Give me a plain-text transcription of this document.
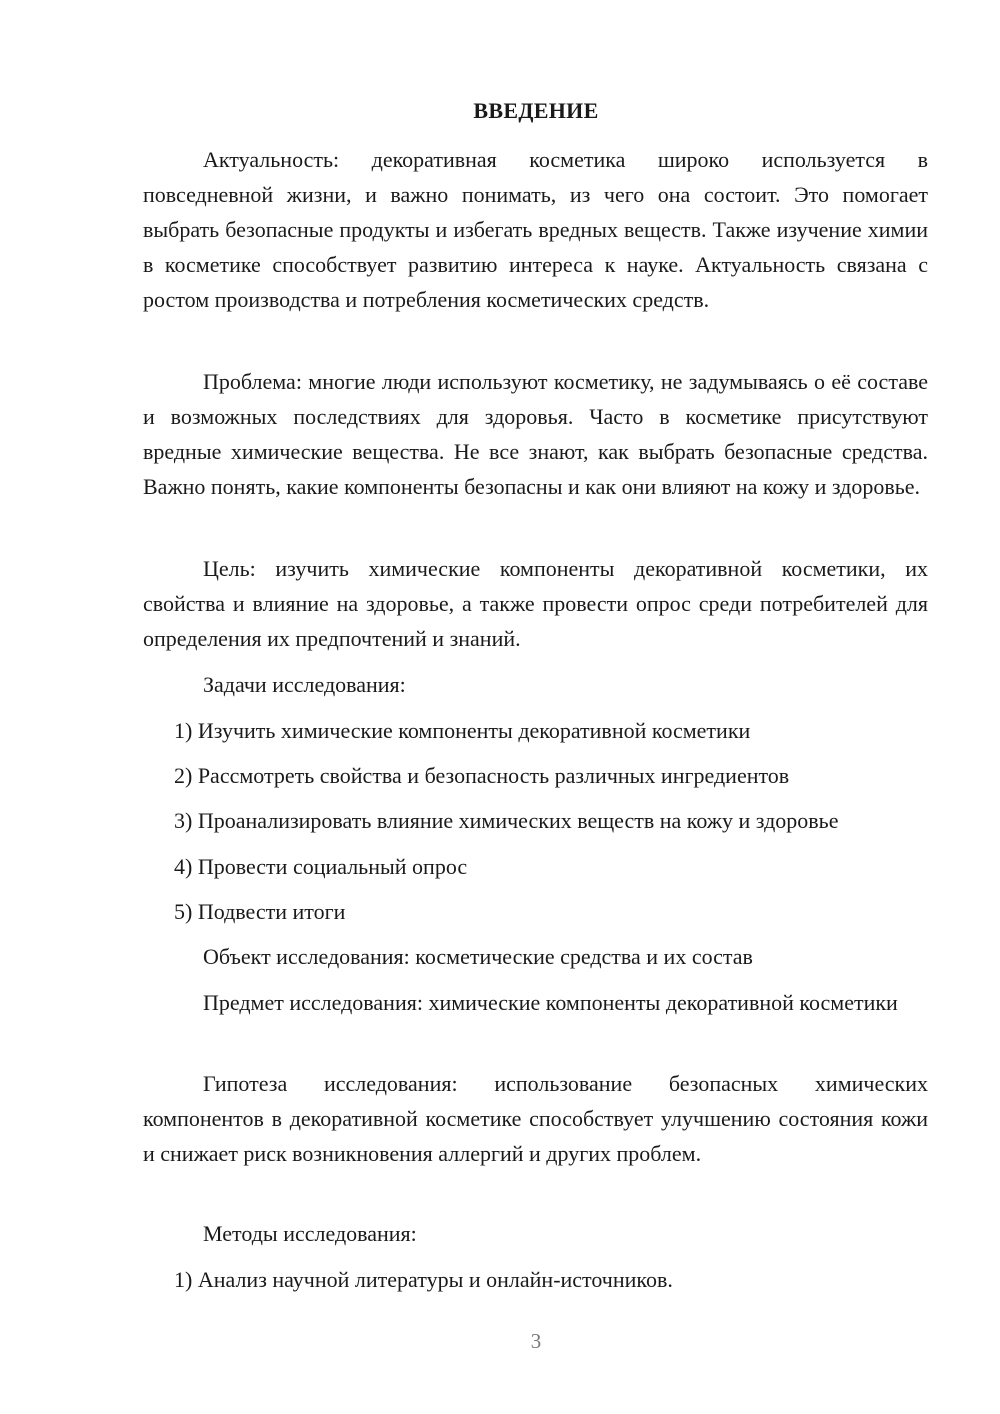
ВВЕДЕНИЕ
Актуальность: декоративная косметика широко используется в повседневной жизни, и важно понимать, из чего она состоит. Это помогает выбрать безопасные продукты и избегать вредных веществ. Также изучение химии в косметике способствует развитию интереса к науке. Актуальность связана с ростом производства и потребления косметических средств.
Проблема: многие люди используют косметику, не задумываясь о её составе и возможных последствиях для здоровья. Часто в косметике присутствуют вредные химические вещества. Не все знают, как выбрать безопасные средства. Важно понять, какие компоненты безопасны и как они влияют на кожу и здоровье.
Цель: изучить химические компоненты декоративной косметики, их свойства и влияние на здоровье, а также провести опрос среди потребителей для определения их предпочтений и знаний.
Задачи исследования:
1) Изучить химические компоненты декоративной косметики
2) Рассмотреть свойства и безопасность различных ингредиентов
3) Проанализировать влияние химических веществ на кожу и здоровье
4) Провести социальный опрос
5) Подвести итоги
Объект исследования: косметические средства и их состав
Предмет исследования: химические компоненты декоративной косметики
Гипотеза исследования: использование безопасных химических компонентов в декоративной косметике способствует улучшению состояния кожи и снижает риск возникновения аллергий и других проблем.
Методы исследования:
1) Анализ научной литературы и онлайн-источников.
3
